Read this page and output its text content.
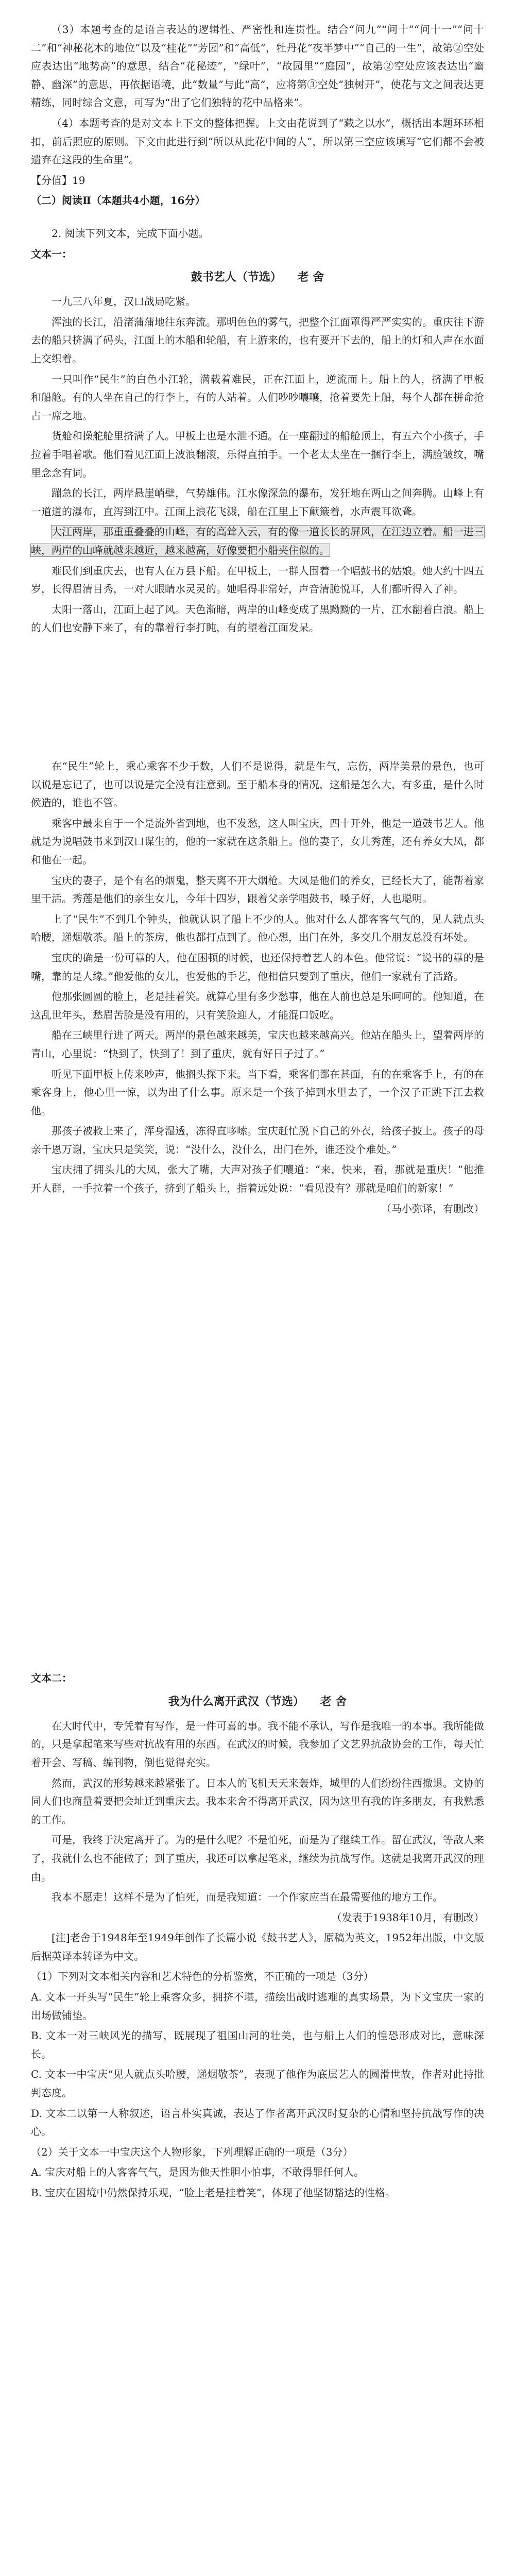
（3）本题考查的是语言表达的逻辑性、严密性和连贯性。结合“问九”“问十”“问十一”“问十二”和“神秘花木的地位”以及“桂花”“芳园”和“高低”，牡丹花“夜半梦中”“自己的一生”，故第②空处应表达出“地势高”的意思，结合“花秘迹”，“绿叶”，“故园里”“庭园”，故第②空处应该表达出“幽静、幽深”的意思，再依据语境，此“数量”与此“高”，应将第③空处“独树开”，使花与文之间表达更精练，同时综合文意，可写为“出了它们独特的花中品格来”。

（4）本题考查的是对文本上下文的整体把握。上文由花说到了“藏之以水”，概括出本题环环相扣，前后照应的原则。下文由此进行到“所以从此花中间的人”，所以第三空应该填写“它们都不会被遗弃在这段的生命里”。

【分值】19

（二）阅读Ⅱ（本题共4小题，16分）

2. 阅读下列文本，完成下面小题。

文本一：

鼓书艺人（节选） 老 舍

一九三八年夏，汉口战局吃紧。

浑浊的长江，沿渚蒲蒲地往东奔流。那明色色的雾气，把整个江面罩得严严实实的。重庆往下游去的船只挤满了码头，江面上的木船和轮船，有上游来的，也有要开下去的，船上的灯和人声在水面上交织着。

一只叫作“民生”的白色小江轮，满载着难民，正在江面上，逆流而上。船上的人，挤满了甲板和船舱。有的人坐在自己的行李上，有的人站着。人们吵吵嚷嚷，抢着要先上船，每个人都在拼命抢占一席之地。

货舱和操舵舱里挤满了人。甲板上也是水泄不通。在一座翻过的船舱顶上，有五六个小孩子，手拉着手唱着歌。他们看见江面上波浪翻滚，乐得直拍手。一个老太太坐在一捆行李上，满脸皱纹，嘴里念念有词。

蹦急的长江，两岸悬崖峭壁，气势雄伟。江水像深急的瀑布，发狂地在两山之间奔腾。山峰上有一道道的瀑布，直泻到江中。江面上浪花飞溅，船在江里上下颠簸着，水声震耳欲聋。

大江两岸，那重重叠叠的山峰，有的高耸入云，有的像一道长长的屏风，在江边立着。船一进三峡，两岸的山峰就越来越近，越来越高，好像要把小船夹住似的。

难民们到重庆去，也有人在万县下船。在甲板上，一群人围着一个唱鼓书的姑娘。她大约十四五岁，长得眉清目秀，一对大眼睛水灵灵的。她唱得非常好，声音清脆悦耳，人们都听得入了神。

太阳一落山，江面上起了风。天色渐暗，两岸的山峰变成了黑黝黝的一片，江水翻着白浪。船上的人们也安静下来了，有的靠着行李打盹，有的望着江面发呆。

在“民生”轮上，乘心乘客不少于数，人们不是说得，就是生气，忘伤，两岸美景的景色，也可以说是忘记了，也可以说是完全没有注意到。至于船本身的情况，这船是怎么大，有多重，是什么时候造的，谁也不管。

乘客中最来自于一个是流外省到地，也不发愁，这人叫宝庆，四十开外，他是一道鼓书艺人。他就是为说唱鼓书来到汉口谋生的，他的一家就在这条船上。他的妻子，女儿秀莲，还有养女大凤，都和他在一起。

宝庆的妻子，是个有名的烟鬼，整天离不开大烟枪。大凤是他们的养女，已经长大了，能帮着家里干活。秀莲是他们的亲生女儿，今年十四岁，跟着父亲学唱鼓书，嗓子好，人也聪明。

上了“民生”不到几个钟头，他就认识了船上不少的人。他对什么人都客客气气的，见人就点头哈腰，递烟敬茶。船上的茶房，他也都打点到了。他心想，出门在外，多交几个朋友总没有坏处。

宝庆的确是一份可靠的人，他在困顿的时候，也还保持着艺人的本色。他常说：“说书的靠的是嘴，靠的是人缘。”他爱他的女儿，也爱他的手艺，他相信只要到了重庆，他们一家就有了活路。

他那张圆圆的脸上，老是挂着笑。就算心里有多少愁事，他在人前也总是乐呵呵的。他知道，在这乱世年头，愁眉苦脸是没有用的，只有笑脸迎人，才能混口饭吃。

船在三峡里行进了两天。两岸的景色越来越美，宝庆也越来越高兴。他站在船头上，望着两岸的青山，心里说：“快到了，快到了！到了重庆，就有好日子过了。”

听见下面甲板上传来吵声，他搁头探下来。当下看，乘客们都在甚面，有的在乘客手上，有的在乘客身上，他心里一惊，以为出了什么事。原来是一个孩子掉到水里去了，一个汉子正跳下江去救他。

那孩子被救上来了，浑身湿透，冻得直哆嗦。宝庆赶忙脱下自己的外衣，给孩子披上。孩子的母亲千恩万谢，宝庆只是笑笑，说：“没什么，没什么，出门在外，谁还没个难处。”

宝庆拥了拥头儿的大凤，张大了嘴，大声对孩子们嚷道：“来，快来，看，那就是重庆！”他推开人群，一手拉着一个孩子，挤到了船头上，指着远处说：“看见没有？那就是咱们的新家！”

（马小弥译，有删改）

文本二：

我为什么离开武汉（节选） 老 舍

在大时代中，专凭着有写作，是一件可喜的事。我不能不承认，写作是我唯一的本事。我所能做的，只是拿起笔来写些对抗战有用的东西。在武汉的时候，我参加了文艺界抗敌协会的工作，每天忙着开会、写稿、编刊物，倒也觉得充实。

然而，武汉的形势越来越紧张了。日本人的飞机天天来轰炸，城里的人们纷纷往西撤退。文协的同人们也商量着要把会址迁到重庆去。我本来舍不得离开武汉，因为这里有我的许多朋友，有我熟悉的工作。

可是，我终于决定离开了。为的是什么呢？不是怕死，而是为了继续工作。留在武汉，等敌人来了，我就什么也不能做了；到了重庆，我还可以拿起笔来，继续为抗战写作。这就是我离开武汉的理由。

我本不愿走！这样不是为了怕死，而是我知道：一个作家应当在最需要他的地方工作。

（发表于1938年10月，有删改）

[注]老舍于1948年至1949年创作了长篇小说《鼓书艺人》，原稿为英文，1952年出版，中文版后据英译本转译为中文。

（1）下列对文本相关内容和艺术特色的分析鉴赏，不正确的一项是（3分）

A. 文本一开头写“民生”轮上乘客众多，拥挤不堪，描绘出战时逃难的真实场景，为下文宝庆一家的出场做铺垫。

B. 文本一对三峡风光的描写，既展现了祖国山河的壮美，也与船上人们的惶恐形成对比，意味深长。

C. 文本一中宝庆“见人就点头哈腰，递烟敬茶”，表现了他作为底层艺人的圆滑世故，作者对此持批判态度。

D. 文本二以第一人称叙述，语言朴实真诚，表达了作者离开武汉时复杂的心情和坚持抗战写作的决心。

（2）关于文本一中宝庆这个人物形象，下列理解正确的一项是（3分）

A. 宝庆对船上的人客客气气，是因为他天性胆小怕事，不敢得罪任何人。

B. 宝庆在困境中仍然保持乐观，“脸上老是挂着笑”，体现了他坚韧豁达的性格。
